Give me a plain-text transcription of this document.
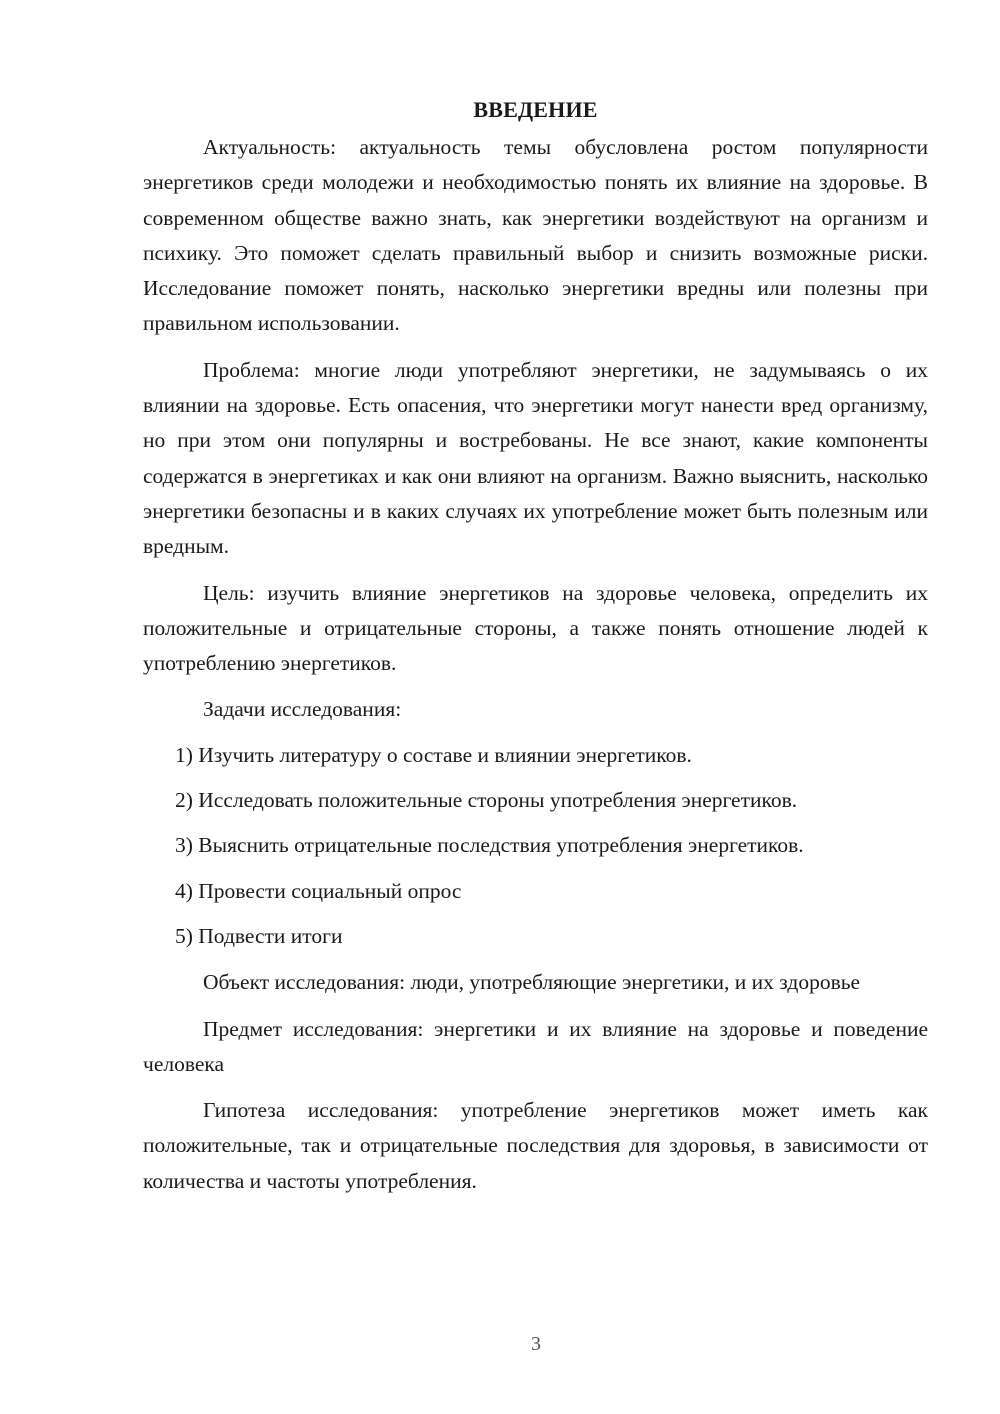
ВВЕДЕНИЕ

Актуальность: актуальность темы обусловлена ростом популярности энергетиков среди молодежи и необходимостью понять их влияние на здоровье. В современном обществе важно знать, как энергетики воздействуют на организм и психику. Это поможет сделать правильный выбор и снизить возможные риски. Исследование поможет понять, насколько энергетики вредны или полезны при правильном использовании.

Проблема: многие люди употребляют энергетики, не задумываясь о их влиянии на здоровье. Есть опасения, что энергетики могут нанести вред организму, но при этом они популярны и востребованы. Не все знают, какие компоненты содержатся в энергетиках и как они влияют на организм. Важно выяснить, насколько энергетики безопасны и в каких случаях их употребление может быть полезным или вредным.

Цель: изучить влияние энергетиков на здоровье человека, определить их положительные и отрицательные стороны, а также понять отношение людей к употреблению энергетиков.

Задачи исследования:

1) Изучить литературу о составе и влиянии энергетиков.
2) Исследовать положительные стороны употребления энергетиков.
3) Выяснить отрицательные последствия употребления энергетиков.
4) Провести социальный опрос
5) Подвести итоги

Объект исследования: люди, употребляющие энергетики, и их здоровье

Предмет исследования: энергетики и их влияние на здоровье и поведение человека

Гипотеза исследования: употребление энергетиков может иметь как положительные, так и отрицательные последствия для здоровья, в зависимости от количества и частоты употребления.

3
